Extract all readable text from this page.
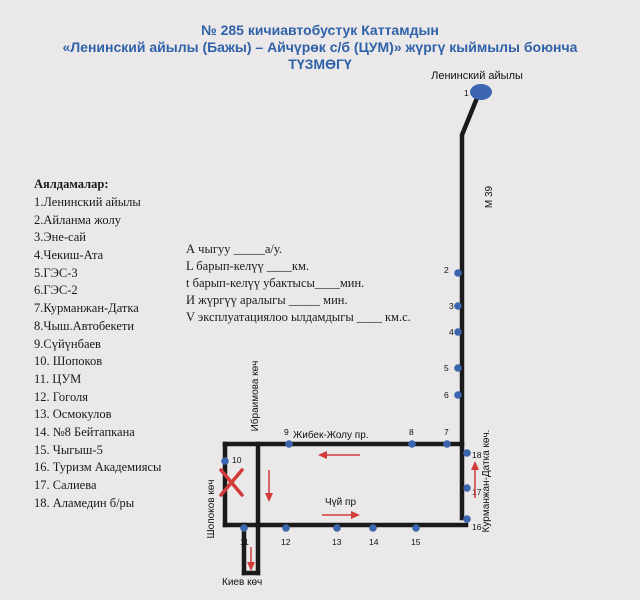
№ 285 кичиавтобустук Каттамдын
«Ленинский айылы (Бажы) – Айчүрөк с/б (ЦУМ)» жүргү кыймылы боюнча
ТҮЗМӨГҮ
Аялдамалар:
1.Ленинский айылы
2.Айланма жолу
3.Эне-сай
4.Чекиш-Ата
5.ГЭС-3
6.ГЭС-2
7.Курманжан-Датка
8.Чыш.Автобекети
9.Сүйүнбаев
10. Шопоков
11. ЦУМ
12. Гоголя
13. Осмокулов
14. №8 Бейтапкана
15. Чыгыш-5
16. Туризм Академиясы
17. Салиева
18. Аламедин б/ры
А чыгуу _____а/у.
L барып-келүү ____км.
t барып-келүү убактысы____мин.
И жүргүү аралыгы _____ мин.
V эксплуатациялоо ылдамдыгы ____ км.с.
Ленинский айылы
1
2
3
4
5
6
7
8
9
10
11	12	13	14	15
16
17
18
М 39
Жибек-Жолу пр.	Курманжан-Датка көч.
Чүй пр
Шопоков көч
Ибраимова көч
Киев көч
